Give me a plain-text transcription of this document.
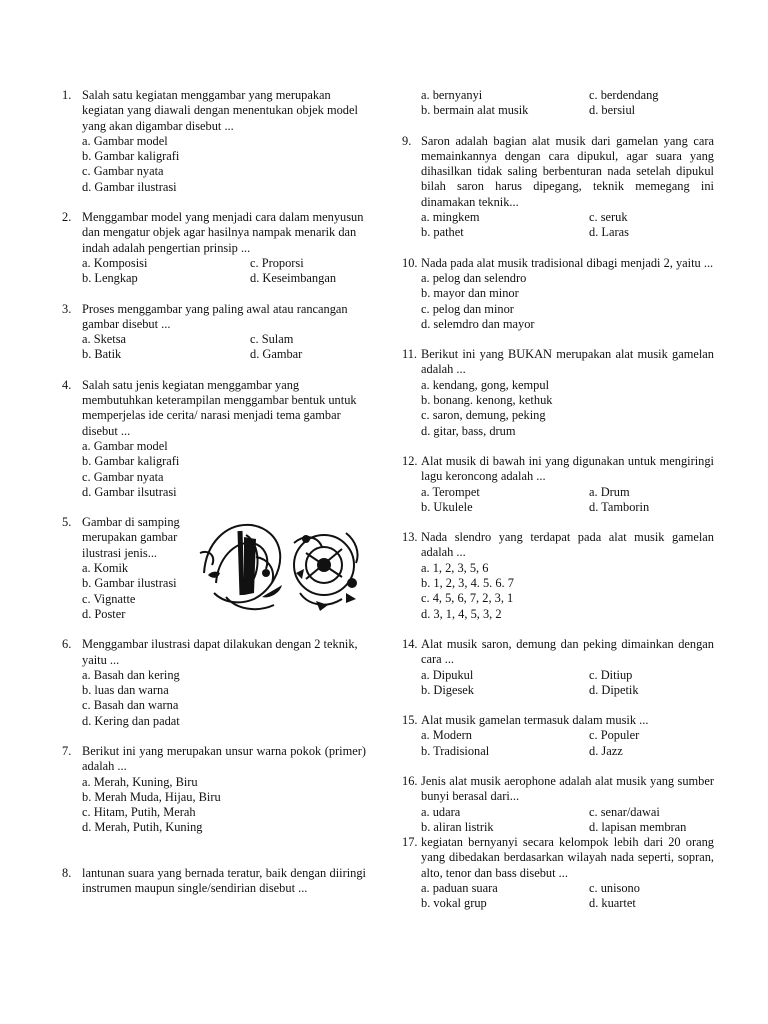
1. Salah satu kegiatan menggambar yang merupakan kegiatan yang diawali dengan menentukan objek model yang akan digambar disebut ...
a. Gambar model
b. Gambar kaligrafi
c. Gambar nyata
d. Gambar ilustrasi
2. Menggambar model yang menjadi cara dalam menyusun dan mengatur objek agar hasilnya nampak menarik dan indah adalah pengertian prinsip ...
a. Komposisi	c. Proporsi
b. Lengkap	d. Keseimbangan
3. Proses menggambar yang paling awal atau rancangan gambar disebut ...
a. Sketsa	c. Sulam
b. Batik	d. Gambar
4. Salah satu jenis kegiatan menggambar yang membutuhkan keterampilan menggambar bentuk untuk memperjelas ide cerita/ narasi menjadi tema gambar disebut ...
a. Gambar model
b. Gambar kaligrafi
c. Gambar nyata
d. Gambar ilsutrasi
5. Gambar di samping merupakan gambar ilustrasi jenis...
a. Komik
b. Gambar ilustrasi
c. Vignatte
d. Poster
6. Menggambar ilustrasi dapat dilakukan dengan 2 teknik, yaitu ...
a. Basah dan kering
b. luas dan warna
c. Basah dan warna
d. Kering dan padat
7. Berikut ini yang merupakan unsur warna pokok (primer) adalah ...
a. Merah, Kuning, Biru
b. Merah Muda, Hijau, Biru
c. Hitam, Putih, Merah
d. Merah, Putih, Kuning
8. lantunan suara yang bernada teratur, baik dengan diiringi instrumen maupun single/sendirian disebut ...
a. bernyanyi	c. berdendang
b. bermain alat musik	d. bersiul
9. Saron adalah bagian alat musik dari gamelan yang cara memainkannya dengan cara dipukul, agar suara yang dihasilkan tidak saling berbenturan nada setelah dipukul bilah saron harus dipegang, teknik memegang ini dinamakan teknik...
a. mingkem	c. seruk
b. pathet	d. Laras
10. Nada pada alat musik tradisional dibagi menjadi 2, yaitu ...
a. pelog dan selendro
b. mayor dan minor
c. pelog dan minor
d. selemdro dan mayor
11. Berikut ini yang BUKAN merupakan alat musik gamelan adalah ...
a. kendang, gong, kempul
b. bonang. kenong, kethuk
c. saron, demung, peking
d. gitar, bass, drum
12. Alat musik di bawah ini yang digunakan untuk mengiringi lagu keroncong adalah ...
a. Terompet	a. Drum
b. Ukulele	d. Tamborin
13. Nada slendro yang terdapat pada alat musik gamelan adalah ...
a. 1, 2, 3, 5, 6
b. 1, 2, 3, 4. 5. 6. 7
c. 4, 5, 6, 7, 2, 3, 1
d. 3, 1, 4, 5, 3, 2
14. Alat musik saron, demung dan peking dimainkan dengan cara ...
a. Dipukul	c. Ditiup
b. Digesek	d. Dipetik
15. Alat musik gamelan termasuk dalam musik ...
a. Modern	c. Populer
b. Tradisional	d. Jazz
16. Jenis alat musik aerophone adalah alat musik yang sumber bunyi berasal dari...
a. udara	c. senar/dawai
b. aliran listrik	d. lapisan membran
17. kegiatan bernyanyi secara kelompok lebih dari 20 orang yang dibedakan berdasarkan wilayah nada seperti, sopran, alto, tenor dan bass disebut ...
a. paduan suara	c. unisono
b. vokal grup	d. kuartet
